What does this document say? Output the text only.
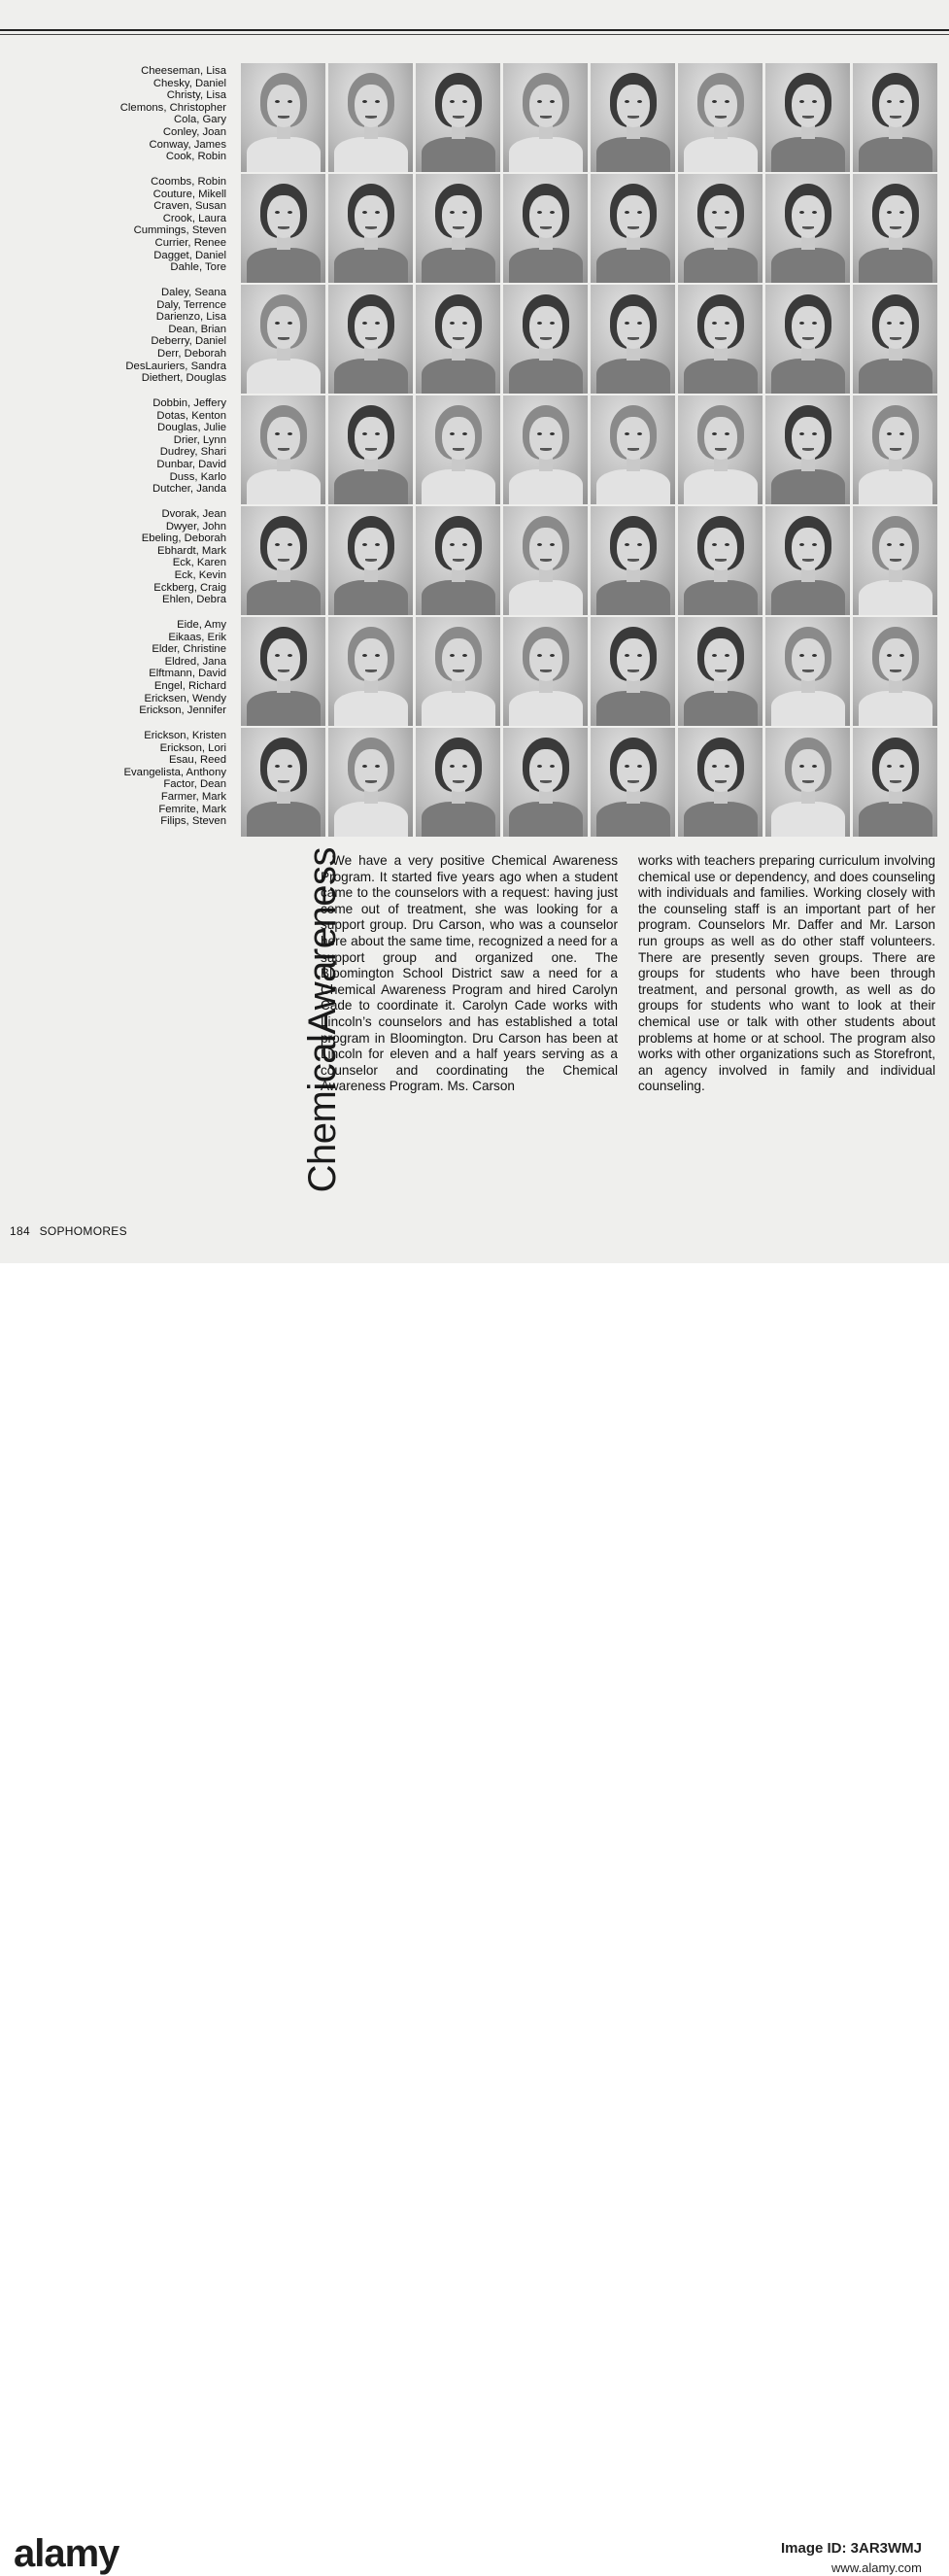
Cheeseman, Lisa
Chesky, Daniel
Christy, Lisa
Clemons, Christopher
Cola, Gary
Conley, Joan
Conway, James
Cook, Robin
Coombs, Robin
Couture, Mikell
Craven, Susan
Crook, Laura
Cummings, Steven
Currier, Renee
Dagget, Daniel
Dahle, Tore
Daley, Seana
Daly, Terrence
Darienzo, Lisa
Dean, Brian
Deberry, Daniel
Derr, Deborah
DesLauriers, Sandra
Diethert, Douglas
Dobbin, Jeffery
Dotas, Kenton
Douglas, Julie
Drier, Lynn
Dudrey, Shari
Dunbar, David
Duss, Karlo
Dutcher, Janda
Dvorak, Jean
Dwyer, John
Ebeling, Deborah
Ebhardt, Mark
Eck, Karen
Eck, Kevin
Eckberg, Craig
Ehlen, Debra
Eide, Amy
Eikaas, Erik
Elder, Christine
Eldred, Jana
Elftmann, David
Engel, Richard
Ericksen, Wendy
Erickson, Jennifer
Erickson, Kristen
Erickson, Lori
Esau, Reed
Evangelista, Anthony
Factor, Dean
Farmer, Mark
Femrite, Mark
Filips, Steven
ChemicalAwareness

We have a very positive Chemical Awareness Program. It started five years ago when a student came to the counselors with a request: having just come out of treatment, she was looking for a support group. Dru Carson, who was a counselor here about the same time, recognized a need for a support group and organized one. The Bloomington School District saw a need for a Chemical Awareness Program and hired Carolyn Cade to coordinate it. Carolyn Cade works with Lincoln’s counselors and has established a total program in Bloomington. Dru Carson has been at Lincoln for eleven and a half years serving as a counselor and coordinating the Chemical Awareness Program. Ms. Carson

works with teachers preparing curriculum involving chemical use or dependency, and does counseling with individuals and families. Working closely with the counseling staff is an important part of her program. Counselors Mr. Daffer and Mr. Larson run groups as well as do other staff volunteers. There are presently seven groups. There are groups for students who have been through treatment, and personal growth, as well as do groups for students who want to look at their chemical use or talk with other students about problems at home or at school. The program also works with other organizations such as Storefront, an agency involved in family and individual counseling.

184 SOPHOMORES
alamy	Image ID: 3AR3WMJ
www.alamy.com
